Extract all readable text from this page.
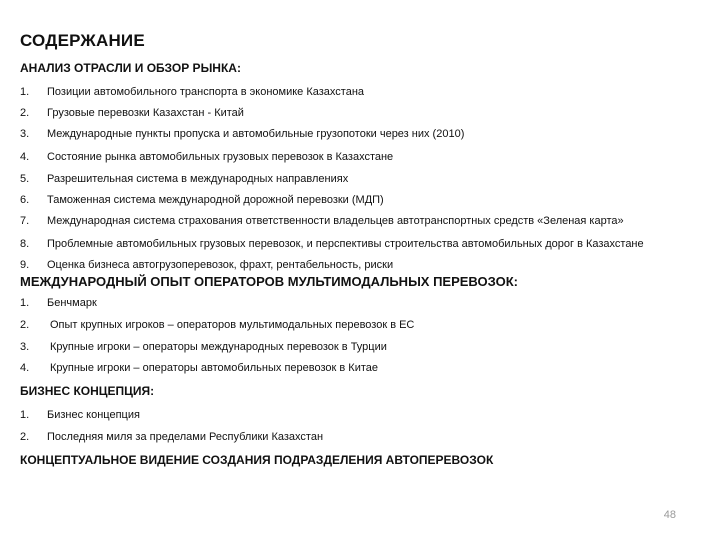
СОДЕРЖАНИЕ
АНАЛИЗ ОТРАСЛИ И ОБЗОР РЫНКА:
1. Позиции автомобильного транспорта в экономике Казахстана
2. Грузовые перевозки Казахстан - Китай
3. Международные пункты пропуска и автомобильные грузопотоки через них (2010)
4. Состояние рынка автомобильных грузовых перевозок в Казахстане
5. Разрешительная система в международных направлениях
6. Таможенная система международной дорожной перевозки (МДП)
7. Международная система страхования ответственности владельцев автотранспортных средств «Зеленая карта»
8. Проблемные автомобильных грузовых перевозок, и перспективы строительства автомобильных дорог в Казахстане
9. Оценка бизнеса автогрузоперевозок, фрахт, рентабельность, риски
МЕЖДУНАРОДНЫЙ ОПЫТ ОПЕРАТОРОВ МУЛЬТИМОДАЛЬНЫХ ПЕРЕВОЗОК:
1. Бенчмарк
2. Опыт крупных игроков – операторов мультимодальных перевозок в ЕС
3. Крупные игроки – операторы международных перевозок в Турции
4. Крупные игроки – операторы автомобильных перевозок в Китае
БИЗНЕС КОНЦЕПЦИЯ:
1. Бизнес концепция
2. Последняя миля за пределами Республики Казахстан
КОНЦЕПТУАЛЬНОЕ ВИДЕНИЕ СОЗДАНИЯ ПОДРАЗДЕЛЕНИЯ АВТОПЕРЕВОЗОК
48
